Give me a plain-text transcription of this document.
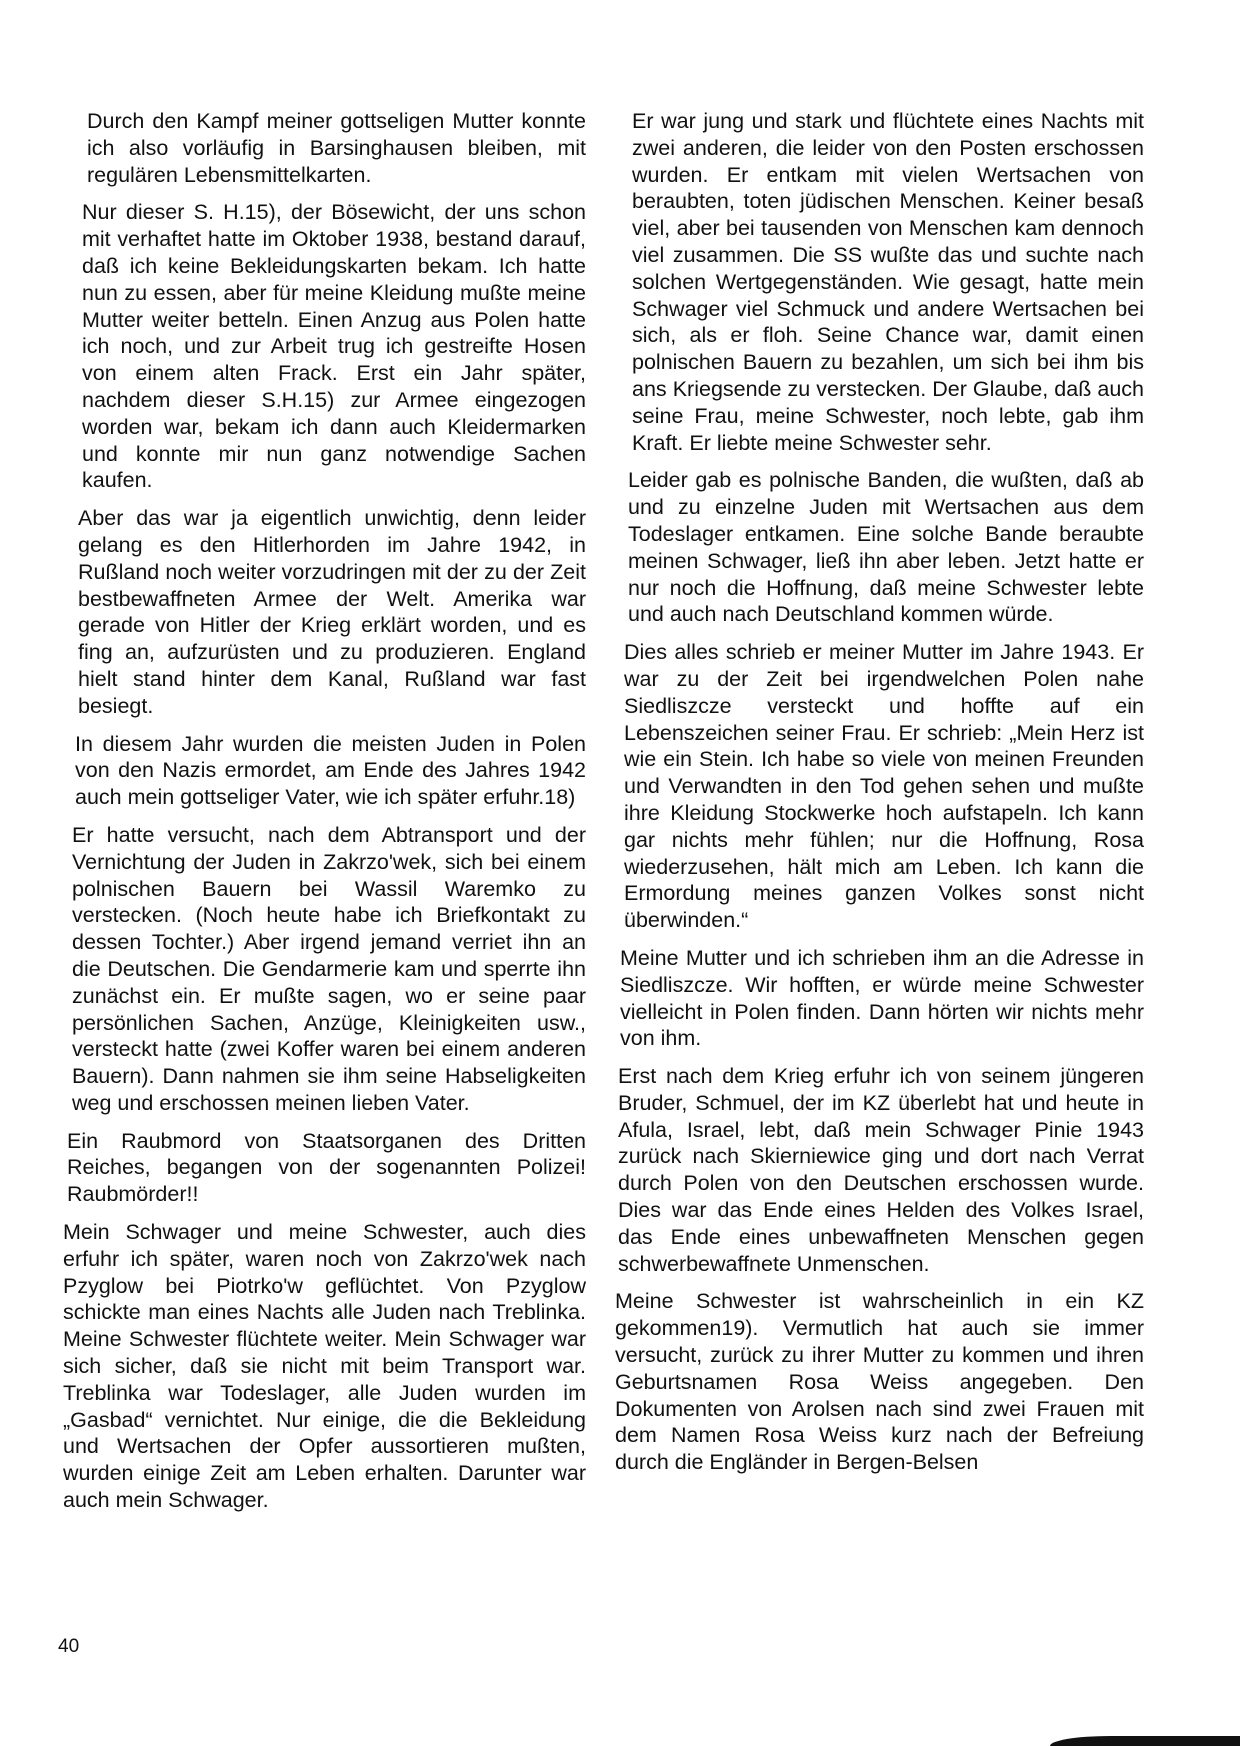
Durch den Kampf meiner gottseligen Mutter konnte ich also vorläufig in Barsinghausen bleiben, mit regulären Lebensmittelkarten.

Nur dieser S. H.15), der Bösewicht, der uns schon mit verhaftet hatte im Oktober 1938, bestand darauf, daß ich keine Bekleidungskarten bekam. Ich hatte nun zu essen, aber für meine Kleidung mußte meine Mutter weiter betteln. Einen Anzug aus Polen hatte ich noch, und zur Arbeit trug ich gestreifte Hosen von einem alten Frack. Erst ein Jahr später, nachdem dieser S.H.15) zur Armee eingezogen worden war, bekam ich dann auch Kleidermarken und konnte mir nun ganz notwendige Sachen kaufen.

Aber das war ja eigentlich unwichtig, denn leider gelang es den Hitlerhorden im Jahre 1942, in Rußland noch weiter vorzudringen mit der zu der Zeit bestbewaffneten Armee der Welt. Amerika war gerade von Hitler der Krieg erklärt worden, und es fing an, aufzurüsten und zu produzieren. England hielt stand hinter dem Kanal, Rußland war fast besiegt.

In diesem Jahr wurden die meisten Juden in Polen von den Nazis ermordet, am Ende des Jahres 1942 auch mein gottseliger Vater, wie ich später erfuhr.18)

Er hatte versucht, nach dem Abtransport und der Vernichtung der Juden in Zakrzo'wek, sich bei einem polnischen Bauern bei Wassil Waremko zu verstecken. (Noch heute habe ich Briefkontakt zu dessen Tochter.) Aber irgend jemand verriet ihn an die Deutschen. Die Gendarmerie kam und sperrte ihn zunächst ein. Er mußte sagen, wo er seine paar persönlichen Sachen, Anzüge, Kleinigkeiten usw., versteckt hatte (zwei Koffer waren bei einem anderen Bauern). Dann nahmen sie ihm seine Habseligkeiten weg und erschossen meinen lieben Vater.

Ein Raubmord von Staatsorganen des Dritten Reiches, begangen von der sogenannten Polizei! Raubmörder!!

Mein Schwager und meine Schwester, auch dies erfuhr ich später, waren noch von Zakrzo'wek nach Pzyglow bei Piotrko'w geflüchtet. Von Pzyglow schickte man eines Nachts alle Juden nach Treblinka. Meine Schwester flüchtete weiter. Mein Schwager war sich sicher, daß sie nicht mit beim Transport war. Treblinka war Todeslager, alle Juden wurden im „Gasbad“ vernichtet. Nur einige, die die Bekleidung und Wertsachen der Opfer aussortieren mußten, wurden einige Zeit am Leben erhalten. Darunter war auch mein Schwager.

Er war jung und stark und flüchtete eines Nachts mit zwei anderen, die leider von den Posten erschossen wurden. Er entkam mit vielen Wertsachen von beraubten, toten jüdischen Menschen. Keiner besaß viel, aber bei tausenden von Menschen kam dennoch viel zusammen. Die SS wußte das und suchte nach solchen Wertgegenständen. Wie gesagt, hatte mein Schwager viel Schmuck und andere Wertsachen bei sich, als er floh. Seine Chance war, damit einen polnischen Bauern zu bezahlen, um sich bei ihm bis ans Kriegsende zu verstecken. Der Glaube, daß auch seine Frau, meine Schwester, noch lebte, gab ihm Kraft. Er liebte meine Schwester sehr.

Leider gab es polnische Banden, die wußten, daß ab und zu einzelne Juden mit Wertsachen aus dem Todeslager entkamen. Eine solche Bande beraubte meinen Schwager, ließ ihn aber leben. Jetzt hatte er nur noch die Hoffnung, daß meine Schwester lebte und auch nach Deutschland kommen würde.

Dies alles schrieb er meiner Mutter im Jahre 1943. Er war zu der Zeit bei irgendwelchen Polen nahe Siedliszcze versteckt und hoffte auf ein Lebenszeichen seiner Frau. Er schrieb: „Mein Herz ist wie ein Stein. Ich habe so viele von meinen Freunden und Verwandten in den Tod gehen sehen und mußte ihre Kleidung Stockwerke hoch aufstapeln. Ich kann gar nichts mehr fühlen; nur die Hoffnung, Rosa wiederzusehen, hält mich am Leben. Ich kann die Ermordung meines ganzen Volkes sonst nicht überwinden.“

Meine Mutter und ich schrieben ihm an die Adresse in Siedliszcze. Wir hofften, er würde meine Schwester vielleicht in Polen finden. Dann hörten wir nichts mehr von ihm.

Erst nach dem Krieg erfuhr ich von seinem jüngeren Bruder, Schmuel, der im KZ überlebt hat und heute in Afula, Israel, lebt, daß mein Schwager Pinie 1943 zurück nach Skierniewice ging und dort nach Verrat durch Polen von den Deutschen erschossen wurde. Dies war das Ende eines Helden des Volkes Israel, das Ende eines unbewaffneten Menschen gegen schwerbewaffnete Unmenschen.

Meine Schwester ist wahrscheinlich in ein KZ gekommen19). Vermutlich hat auch sie immer versucht, zurück zu ihrer Mutter zu kommen und ihren Geburtsnamen Rosa Weiss angegeben. Den Dokumenten von Arolsen nach sind zwei Frauen mit dem Namen Rosa Weiss kurz nach der Befreiung durch die Engländer in Bergen-Belsen

40
